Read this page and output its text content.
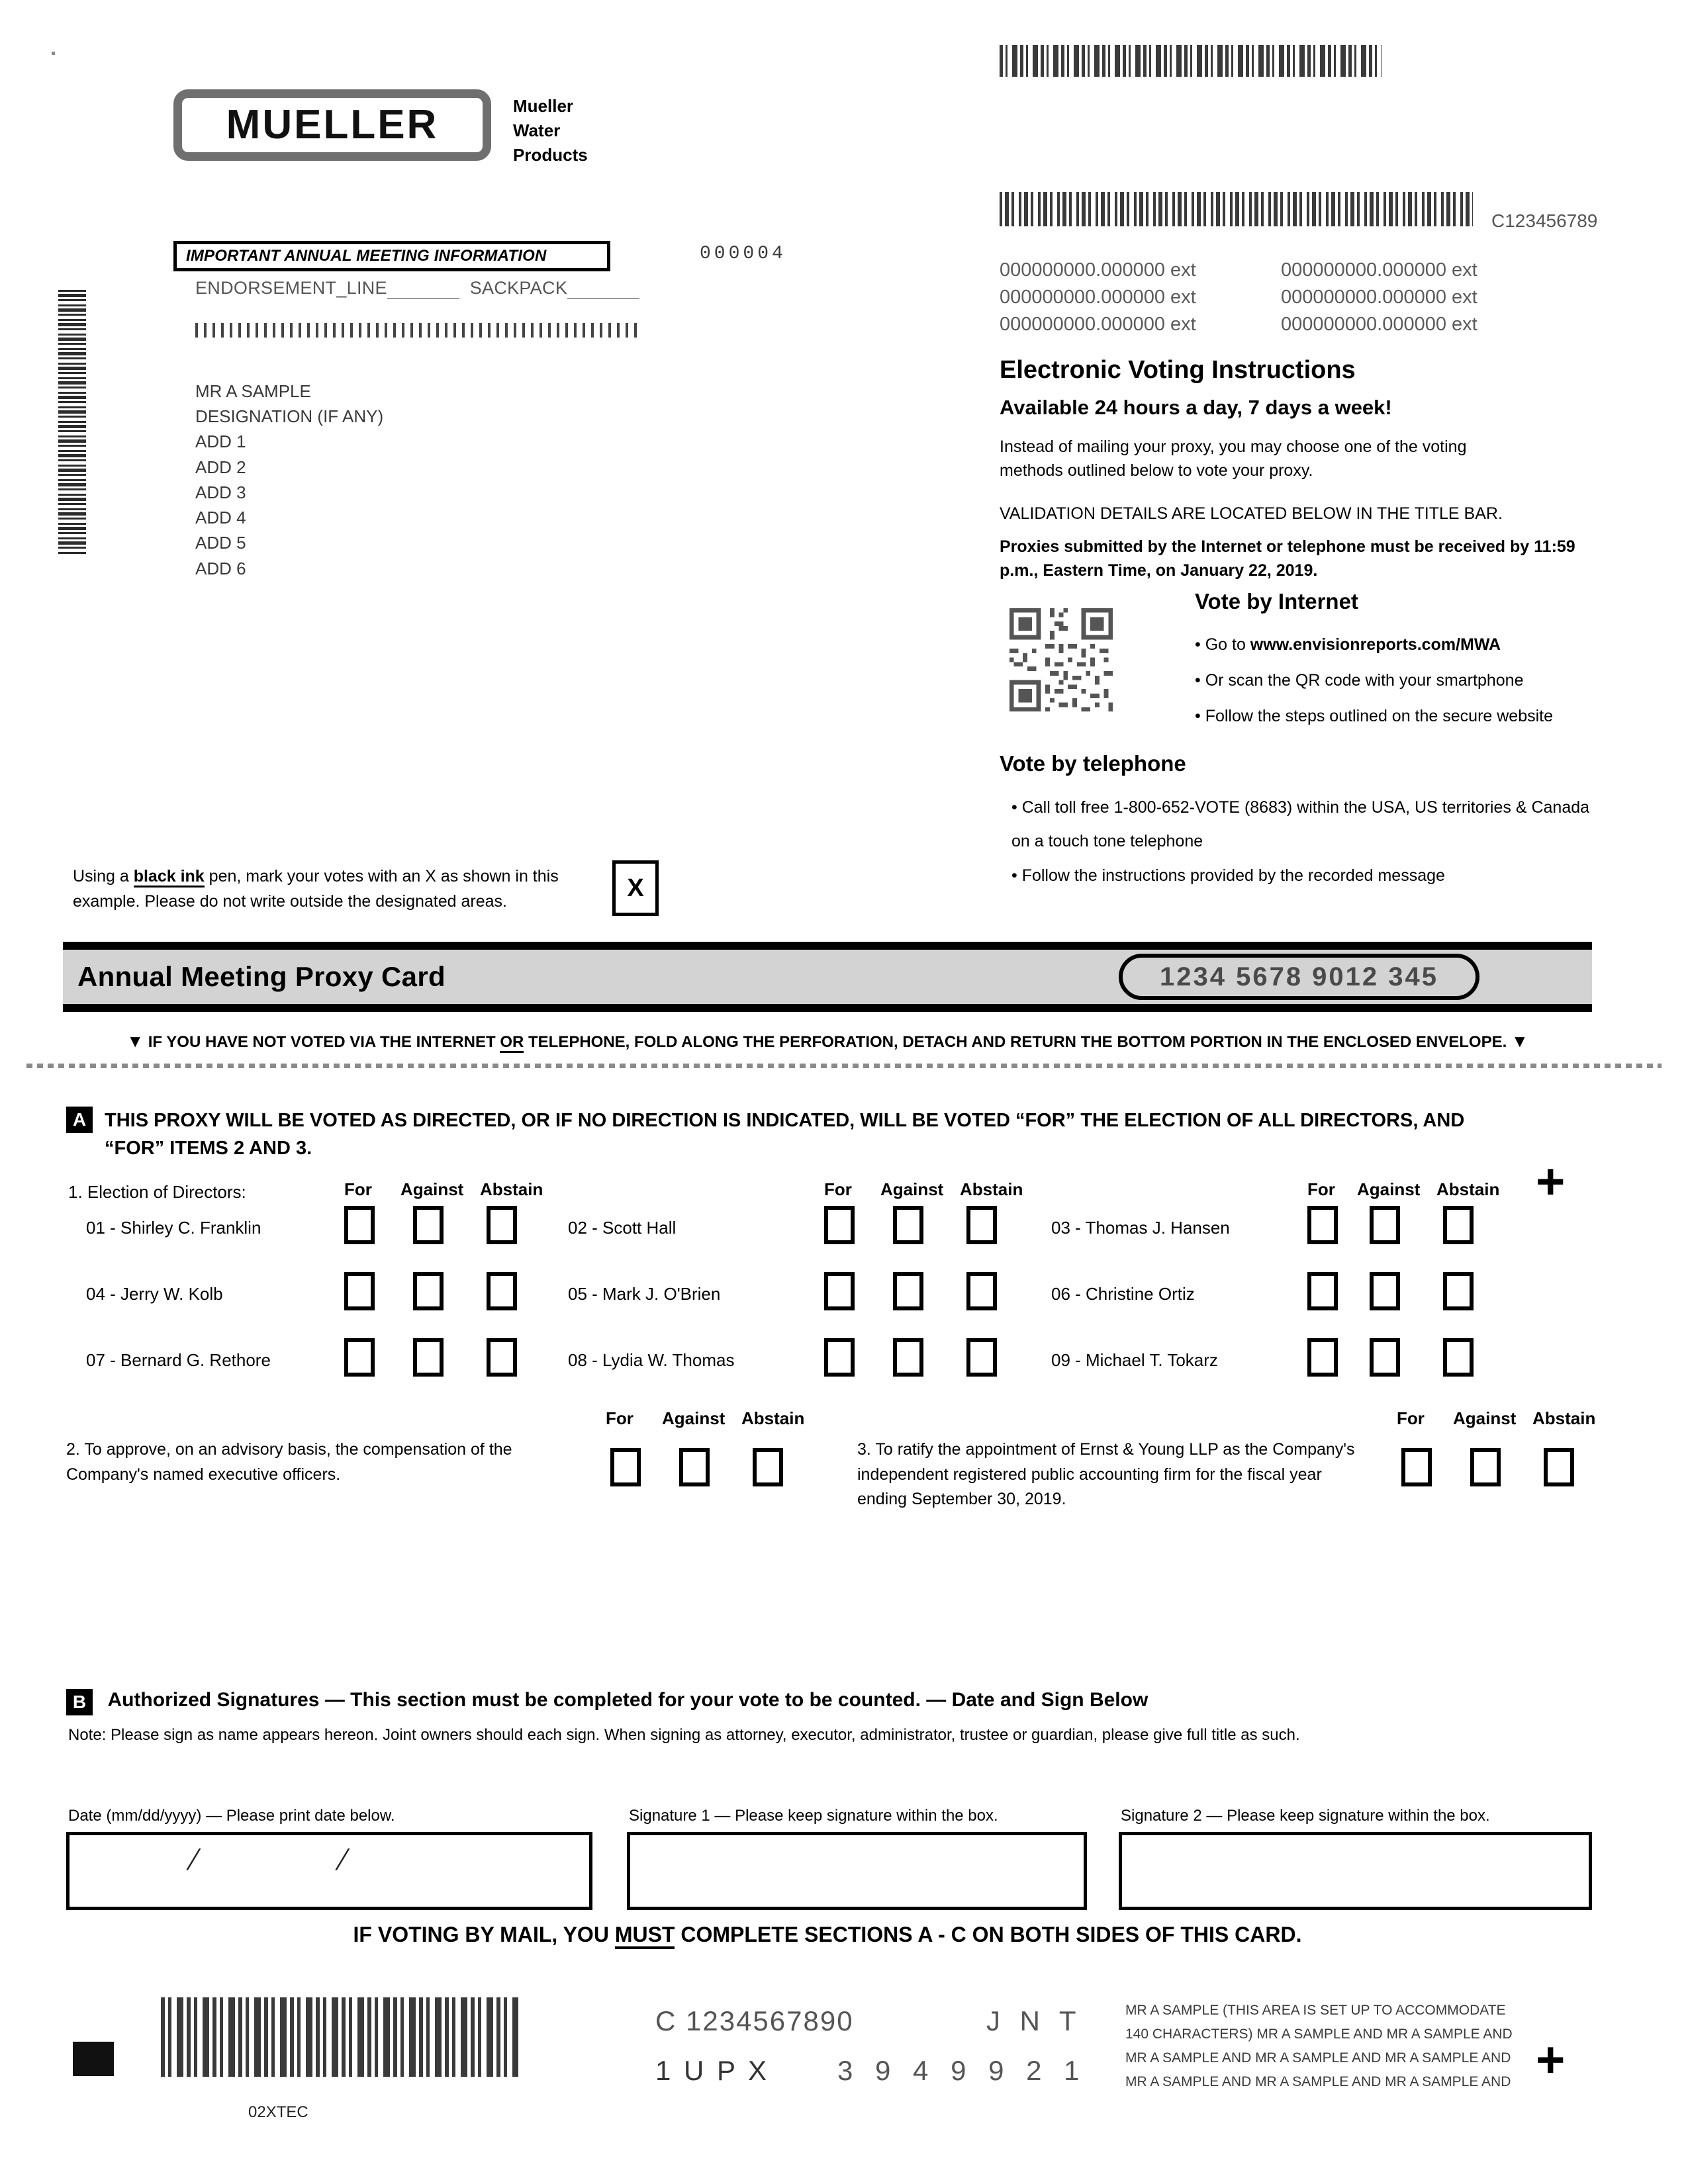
MUELLER	Mueller
Water
Products
IMPORTANT ANNUAL MEETING INFORMATION	000004
ENDORSEMENT_LINE	SACKPACK
MR A SAMPLE
DESIGNATION (IF ANY)
ADD 1
ADD 2
ADD 3
ADD 4
ADD 5
ADD 6
C123456789
000000000.000000 ext	000000000.000000 ext
000000000.000000 ext	000000000.000000 ext
000000000.000000 ext	000000000.000000 ext
Electronic Voting Instructions
Available 24 hours a day, 7 days a week!
Instead of mailing your proxy, you may choose one of the voting methods outlined below to vote your proxy.
VALIDATION DETAILS ARE LOCATED BELOW IN THE TITLE BAR.
Proxies submitted by the Internet or telephone must be received by 11:59 p.m., Eastern Time, on January 22, 2019.
Vote by Internet
• Go to www.envisionreports.com/MWA
• Or scan the QR code with your smartphone
• Follow the steps outlined on the secure website
Vote by telephone
• Call toll free 1-800-652-VOTE (8683) within the USA, US territories & Canada on a touch tone telephone
• Follow the instructions provided by the recorded message
Using a black ink pen, mark your votes with an X as shown in this example. Please do not write outside the designated areas.	X
Annual Meeting Proxy Card	1234 5678 9012 345
▼ IF YOU HAVE NOT VOTED VIA THE INTERNET OR TELEPHONE, FOLD ALONG THE PERFORATION, DETACH AND RETURN THE BOTTOM PORTION IN THE ENCLOSED ENVELOPE. ▼
A THIS PROXY WILL BE VOTED AS DIRECTED, OR IF NO DIRECTION IS INDICATED, WILL BE VOTED “FOR” THE ELECTION OF ALL DIRECTORS, AND “FOR” ITEMS 2 AND 3.
+
1. Election of Directors:	For Against Abstain	For Against Abstain	For Against Abstain
01 - Shirley C. Franklin	02 - Scott Hall	03 - Thomas J. Hansen
04 - Jerry W. Kolb	05 - Mark J. O'Brien	06 - Christine Ortiz
07 - Bernard G. Rethore	08 - Lydia W. Thomas	09 - Michael T. Tokarz
For Against Abstain
2. To approve, on an advisory basis, the compensation of the Company's named executive officers.
For Against Abstain
3. To ratify the appointment of Ernst & Young LLP as the Company's independent registered public accounting firm for the fiscal year ending September 30, 2019.
B Authorized Signatures — This section must be completed for your vote to be counted. — Date and Sign Below
Note: Please sign as name appears hereon. Joint owners should each sign. When signing as attorney, executor, administrator, trustee or guardian, please give full title as such.
Date (mm/dd/yyyy) — Please print date below.	Signature 1 — Please keep signature within the box.	Signature 2 — Please keep signature within the box.
/	/
IF VOTING BY MAIL, YOU MUST COMPLETE SECTIONS A - C ON BOTH SIDES OF THIS CARD.
02XTEC
C 1234567890	J N T
1 U P X 3 9 4 9 9 2 1
MR A SAMPLE (THIS AREA IS SET UP TO ACCOMMODATE
140 CHARACTERS) MR A SAMPLE AND MR A SAMPLE AND
MR A SAMPLE AND MR A SAMPLE AND MR A SAMPLE AND
MR A SAMPLE AND MR A SAMPLE AND MR A SAMPLE AND +
